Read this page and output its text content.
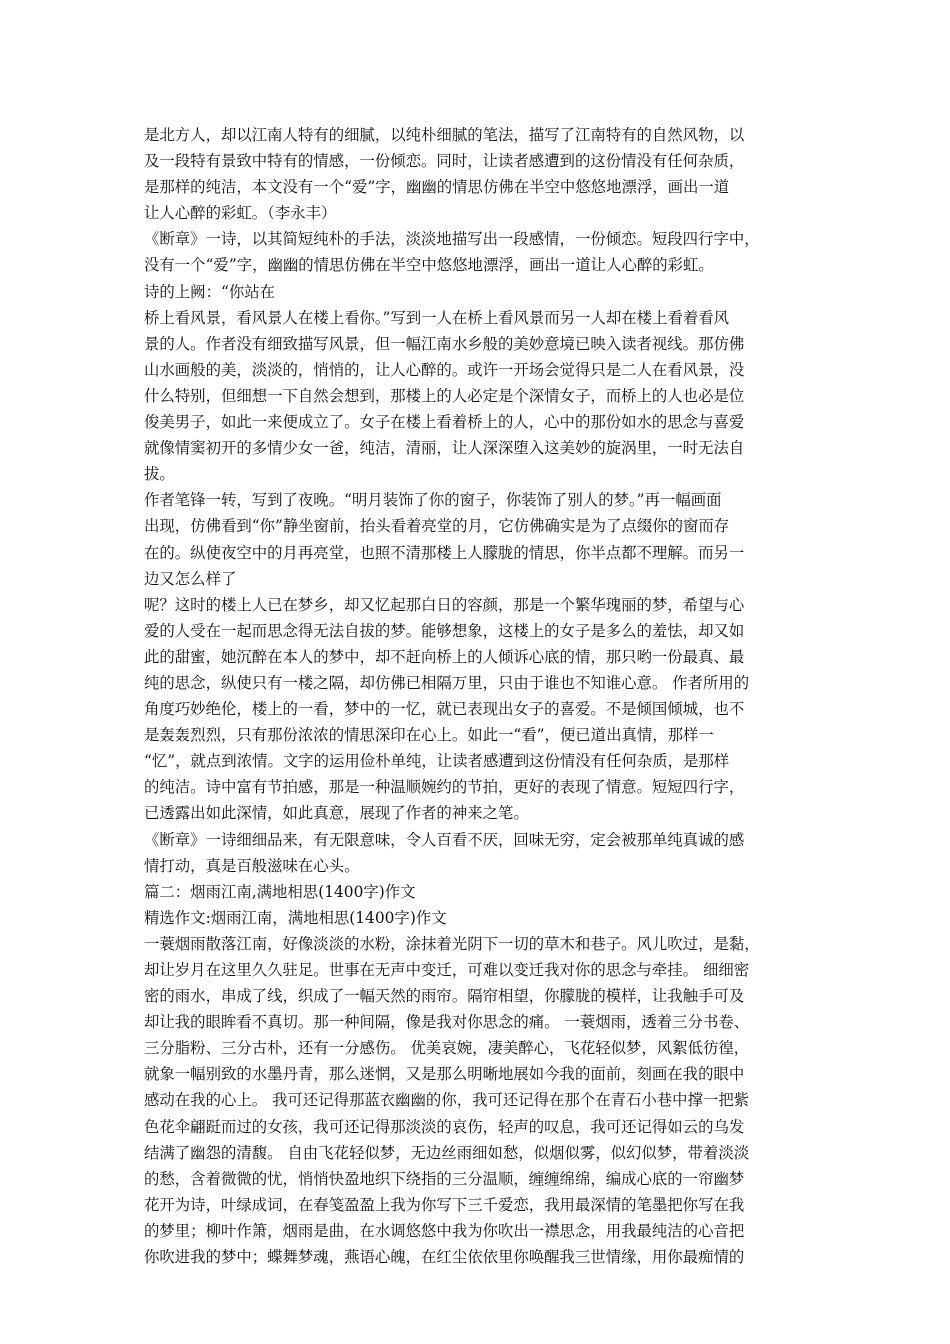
是北方人，却以江南人特有的细腻，以纯朴细腻的笔法，描写了江南特有的自然风物，以
及一段特有景致中特有的情感，一份倾恋。同时，让读者感遭到的这份情没有任何杂质，
是那样的纯洁，本文没有一个“爱”字，幽幽的情思仿佛在半空中悠悠地漂浮，画出一道
让人心醉的彩虹。（李永丰）
《断章》一诗，以其简短纯朴的手法，淡淡地描写出一段感情，一份倾恋。短段四行字中，
没有一个“爱”字，幽幽的情思仿佛在半空中悠悠地漂浮，画出一道让人心醉的彩虹。
诗的上阙：“你站在
桥上看风景，看风景人在楼上看你。”写到一人在桥上看风景而另一人却在楼上看着看风
景的人。作者没有细致描写风景，但一幅江南水乡般的美妙意境已映入读者视线。那仿佛
山水画般的美，淡淡的，悄悄的，让人心醉的。或许一开场会觉得只是二人在看风景，没
什么特别，但细想一下自然会想到，那楼上的人必定是个深情女子，而桥上的人也必是位
俊美男子，如此一来便成立了。女子在楼上看着桥上的人，心中的那份如水的思念与喜爱
就像情窦初开的多情少女一爸，纯洁，清丽，让人深深堕入这美妙的旋涡里，一时无法自
拔。
作者笔锋一转，写到了夜晚。“明月装饰了你的窗子，你装饰了别人的梦。”再一幅画面
出现，仿佛看到“你”静坐窗前，抬头看着亮堂的月，它仿佛确实是为了点缀你的窗而存
在的。纵使夜空中的月再亮堂，也照不清那楼上人朦胧的情思，你半点都不理解。而另一
边又怎么样了
呢？这时的楼上人已在梦乡，却又忆起那白日的容颜，那是一个繁华瑰丽的梦，希望与心
爱的人受在一起而思念得无法自拔的梦。能够想象，这楼上的女子是多么的羞怯，却又如
此的甜蜜，她沉醉在本人的梦中，却不赶向桥上的人倾诉心底的情，那只哟一份最真、最
纯的思念，纵使只有一楼之隔，却仿佛已相隔万里，只由于谁也不知谁心意。 作者所用的
角度巧妙绝伦，楼上的一看，梦中的一忆，就已表现出女子的喜爱。不是倾国倾城，也不
是轰轰烈烈，只有那份浓浓的情思深印在心上。如此一“看”，便已道出真情，那样一
“忆”，就点到浓情。文字的运用俭朴单纯，让读者感遭到这份情没有任何杂质，是那样
的纯洁。诗中富有节拍感，那是一种温顺婉约的节拍，更好的表现了情意。短短四行字，
已透露出如此深情，如此真意，展现了作者的神来之笔。
《断章》一诗细细品来，有无限意味，令人百看不厌，回味无穷，定会被那单纯真诚的感
情打动，真是百般滋味在心头。
篇二：烟雨江南,满地相思(1400字)作文
精选作文:烟雨江南，满地相思(1400字)作文
一蓑烟雨散落江南，好像淡淡的水粉，涂抹着光阴下一切的草木和巷子。风儿吹过，是黏，
却让岁月在这里久久驻足。世事在无声中变迁，可难以变迁我对你的思念与牵挂。 细细密
密的雨水，串成了线，织成了一幅天然的雨帘。隔帘相望，你朦胧的模样，让我触手可及
却让我的眼眸看不真切。那一种间隔，像是我对你思念的痛。 一蓑烟雨，透着三分书卷、
三分脂粉、三分古朴，还有一分感伤。 优美哀婉，凄美醉心，飞花轻似梦，风絮低彷徨，
就象一幅别致的水墨丹青，那么迷惘，又是那么明晰地展如今我的面前，刻画在我的眼中
感动在我的心上。 我可还记得那蓝衣幽幽的你，我可还记得在那个在青石小巷中撑一把紫
色花伞翩跹而过的女孩，我可还记得那淡淡的哀伤，轻声的叹息，我可还记得如云的乌发
结满了幽怨的清馥。 自由飞花轻似梦，无边丝雨细如愁，似烟似雾，似幻似梦，带着淡淡
的愁，含着微微的忧，悄悄快盈地织下绕指的三分温顺，缠缠绵绵，编成心底的一帘幽梦
花开为诗，叶绿成词，在春笺盈盈上我为你写下三千爱恋，我用最深情的笔墨把你写在我
的梦里；柳叶作箫，烟雨是曲，在水调悠悠中我为你吹出一襟思念，用我最纯洁的心音把
你吹进我的梦中；蝶舞梦魂，燕语心魄，在红尘依依里你唤醒我三世情缘，用你最痴情的
